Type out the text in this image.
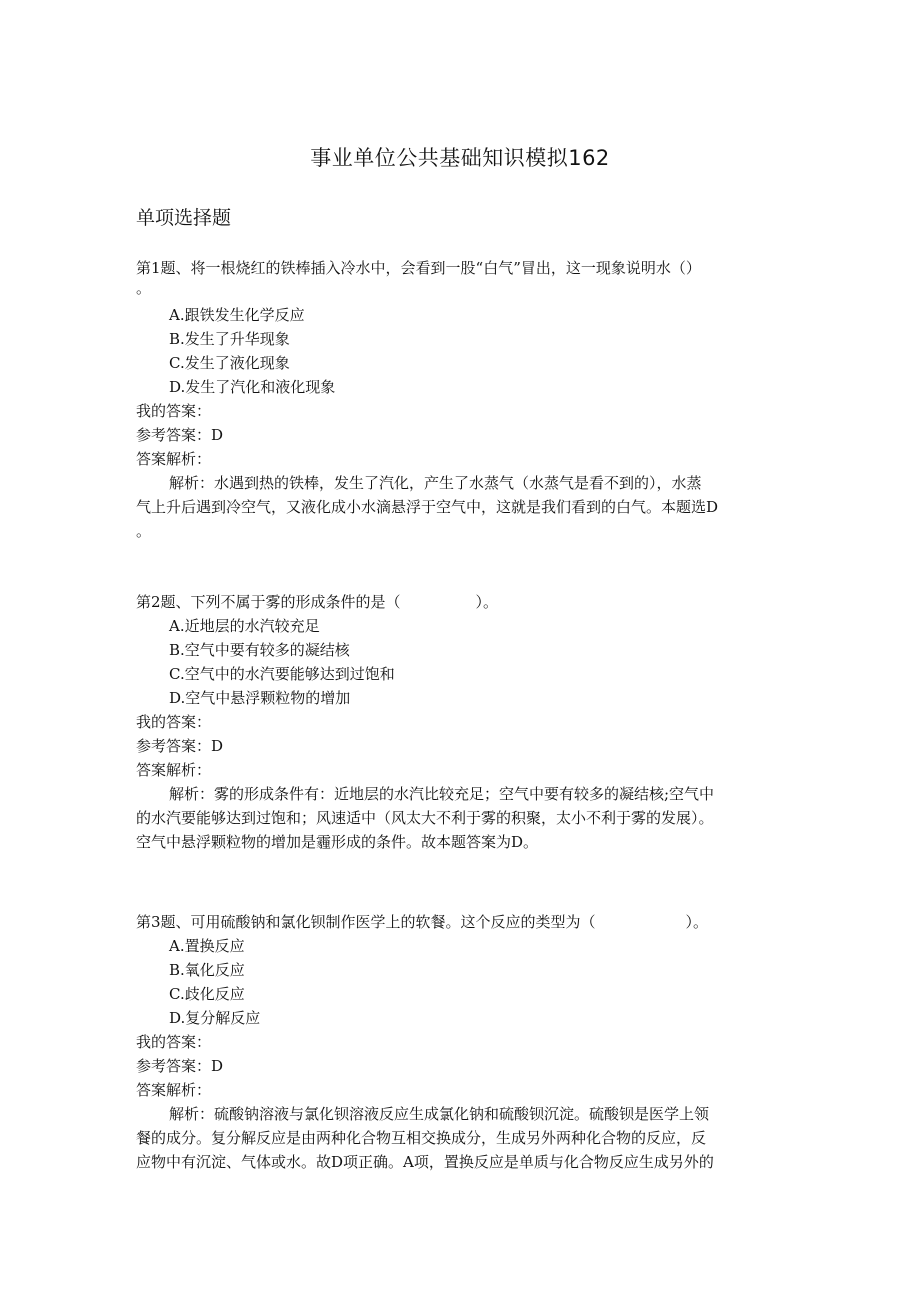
事业单位公共基础知识模拟162
单项选择题
第1题、将一根烧红的铁棒插入冷水中，会看到一股“白气”冒出，这一现象说明水（）
。
A.跟铁发生化学反应
B.发生了升华现象
C.发生了液化现象
D.发生了汽化和液化现象
我的答案：
参考答案：D
答案解析：
解析：水遇到热的铁棒，发生了汽化，产生了水蒸气（水蒸气是看不到的），水蒸
气上升后遇到冷空气，又液化成小水滴悬浮于空气中，这就是我们看到的白气。本题选D
。
第2题、下列不属于雾的形成条件的是（　　　　　）。
A.近地层的水汽较充足
B.空气中要有较多的凝结核
C.空气中的水汽要能够达到过饱和
D.空气中悬浮颗粒物的增加
我的答案：
参考答案：D
答案解析：
解析：雾的形成条件有：近地层的水汽比较充足；空气中要有较多的凝结核;空气中
的水汽要能够达到过饱和；风速适中（风太大不利于雾的积聚，太小不利于雾的发展）。
空气中悬浮颗粒物的增加是霾形成的条件。故本题答案为D。
第3题、可用硫酸钠和氯化钡制作医学上的软餐。这个反应的类型为（　　　　　　）。
A.置换反应
B.氧化反应
C.歧化反应
D.复分解反应
我的答案：
参考答案：D
答案解析：
解析：硫酸钠溶液与氯化钡溶液反应生成氯化钠和硫酸钡沉淀。硫酸钡是医学上领
餐的成分。复分解反应是由两种化合物互相交换成分，生成另外两种化合物的反应，反
应物中有沉淀、气体或水。故D项正确。A项，置换反应是单质与化合物反应生成另外的
